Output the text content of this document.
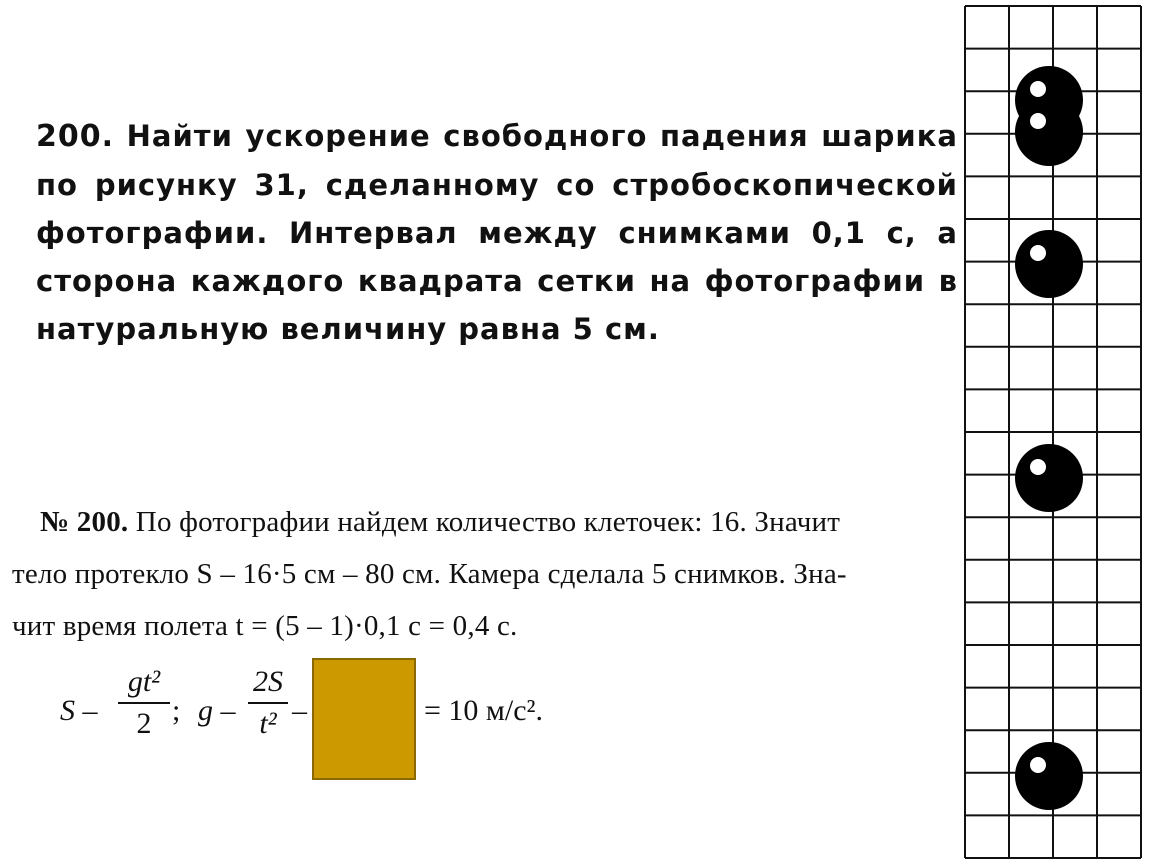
200. Найти ускорение свободного падения шарика по рисунку 31, сделанному со стробоскопической фотографии. Интервал между снимками 0,1 с, а сторона каждого квадрата сетки на фотографии в натуральную величину равна 5 см.
№ 200. По фотографии найдем количество клеточек: 16. Значит
тело протекло S – 16·5 см – 80 см. Камера сделала 5 снимков. Зна-
чит время полета t = (5 – 1)·0,1 с = 0,4 с.
S –
gt²
2 ; g –
2S
t² –	= 10 м/с².
